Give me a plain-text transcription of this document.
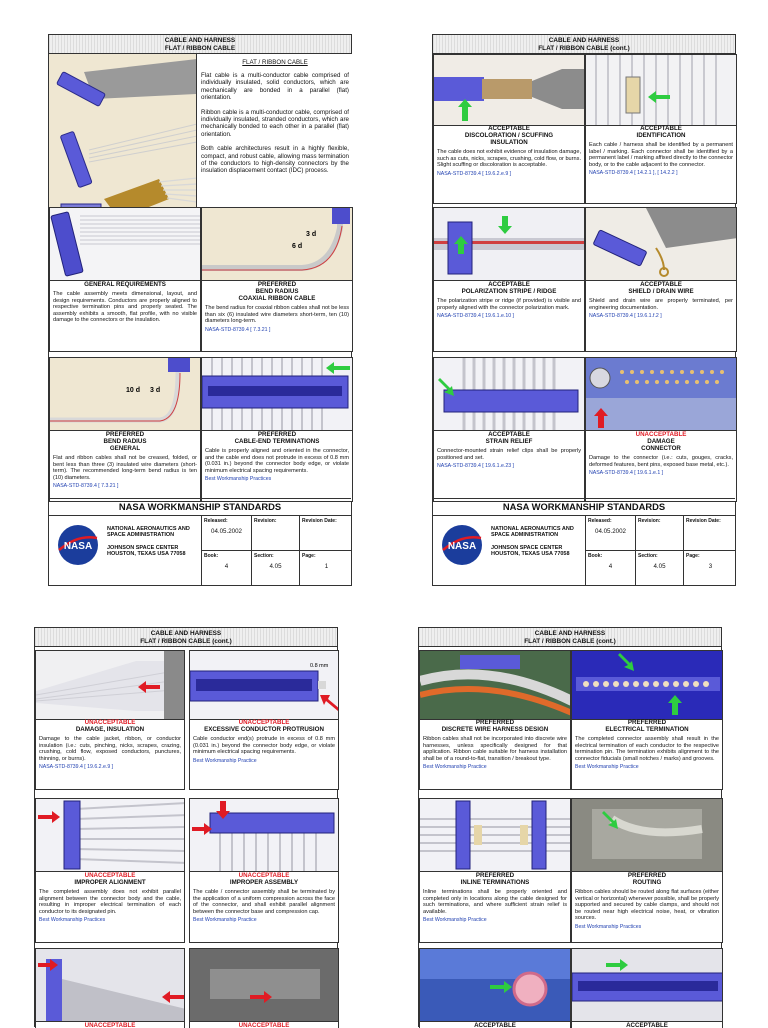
CABLE AND HARNESS
FLAT / RIBBON CABLE
FLAT / RIBBON CABLE

Flat cable is a multi-conductor cable comprised of individually insulated, solid conductors, which are mechanically are bonded in a parallel (flat) orientation.

Ribbon cable is a multi-conductor cable, comprised of individually insulated, stranded conductors, which are mechanically bonded to each other in a parallel (flat) orientation.

Both cable architectures result in a highly flexible, compact, and robust cable, allowing mass termination of the conductors to high-density connectors by the insulation displacement contact (IDC) process.

GENERAL REQUIREMENTS
The cable assembly meets dimensional, layout, and design requirements. Conductors are properly aligned to respective termination pins and properly seated. The assembly exhibits a smooth, flat profile, with no visible damage to the connectors or the insulation.
3 d
6 d
PREFERRED
BEND RADIUS
COAXIAL RIBBON CABLE
The bend radius for coaxial ribbon cables shall not be less than six (6) insulated wire diameters short-term, ten (10) diameters long-term.
NASA-STD-8739.4 [ 7.3.21 ]
10 d 3 d
PREFERRED
BEND RADIUS
GENERAL
Flat and ribbon cables shall not be creased, folded, or bent less than three (3) insulated wire diameters (short-term). The recommended long-term bend radius is ten (10) diameters.
NASA-STD-8739.4 [ 7.3.21 ]
PREFERRED
CABLE-END TERMINATIONS
Cable is properly aligned and oriented in the connector, and the cable end does not protrude in excess of 0.8 mm (0.031 in.) beyond the connector body edge, or violate minimum electrical spacing requirements.
Best Workmanship Practices
NASA WORKMANSHIP STANDARDS
NASA
NATIONAL AERONAUTICS AND
SPACE ADMINISTRATION
JOHNSON SPACE CENTER
HOUSTON, TEXAS USA 77058
Released:
04.05.2002
Revision:	Revision Date:
Book:
4
Section:
4.05
Page:
1
CABLE AND HARNESS
FLAT / RIBBON CABLE (cont.)
ACCEPTABLE
DISCOLORATION / SCUFFING
INSULATION
The cable does not exhibit evidence of insulation damage, such as cuts, nicks, scrapes, crushing, cold flow, or burns. Slight scuffing or discoloration is acceptable.
NASA-STD-8739.4 [ 19.6.2.e.9 ]
ACCEPTABLE
IDENTIFICATION
Each cable / harness shall be identified by a permanent label / marking. Each connector shall be identified by a permanent label / marking affixed directly to the connector body, or to the cable adjacent to the connector.
NASA-STD-8739.4 [ 14.2.1 ], [ 14.2.2 ]
ACCEPTABLE
POLARIZATION STRIPE / RIDGE
The polarization stripe or ridge (if provided) is visible and properly aligned with the connector polarization mark.
NASA-STD-8739.4 [ 19.6.1.e.10 ]
ACCEPTABLE
SHIELD / DRAIN WIRE
Shield and drain wire are properly terminated, per engineering documentation.
NASA-STD-8739.4 [ 19.6.1.f.2 ]
ACCEPTABLE
STRAIN RELIEF
Connector-mounted strain relief clips shall be properly positioned and set.
NASA-STD-8739.4 [ 19.6.1.e.23 ]
UNACCEPTABLE
DAMAGE
CONNECTOR
Damage to the connector (i.e.: cuts, gouges, cracks, deformed features, bent pins, exposed base metal, etc.).
NASA-STD-8739.4 [ 19.6.1.e.1 ]
NASA WORKMANSHIP STANDARDS
NASA
NATIONAL AERONAUTICS AND
SPACE ADMINISTRATION
JOHNSON SPACE CENTER
HOUSTON, TEXAS USA 77058
Released:
04.05.2002
Revision:	Revision Date:
Book:
4
Section:
4.05
Page:
3
CABLE AND HARNESS
FLAT / RIBBON CABLE (cont.)
UNACCEPTABLE
DAMAGE, INSULATION
Damage to the cable jacket, ribbon, or conductor insulation (i.e.: cuts, pinching, nicks, scrapes, crazing, crushing, cold flow, exposed conductors, punctures, thinning, or burns).
NASA-STD-8739.4 [ 19.6.2.e.9 ]
0.8 mm
UNACCEPTABLE
EXCESSIVE CONDUCTOR PROTRUSION
Cable conductor end(s) protrude in excess of 0.8 mm (0.031 in.) beyond the connector body edge, or violate minimum electrical spacing requirements.
Best Workmanship Practice
UNACCEPTABLE
IMPROPER ALIGNMENT
The completed assembly does not exhibit parallel alignment between the connector body and the cable, resulting in improper electrical termination of each conductor to its designated pin.
Best Workmanship Practices
UNACCEPTABLE
IMPROPER ASSEMBLY
The cable / connector assembly shall be terminated by the application of a uniform compression across the face of the connector, and shall exhibit parallel alignment between the connector base and compression cap.
Best Workmanship Practice
UNACCEPTABLE	UNACCEPTABLE
CABLE AND HARNESS
FLAT / RIBBON CABLE (cont.)
PREFERRED
DISCRETE WIRE HARNESS DESIGN
Ribbon cables shall not be incorporated into discrete wire harnesses, unless specifically designed for that application. Ribbon cable suitable for harness installation shall be of a round-to-flat, transition / breakout type.
Best Workmanship Practice
PREFERRED
ELECTRICAL TERMINATION
The completed connector assembly shall result in the electrical termination of each conductor to the respective termination pin. The termination exhibits alignment to the connector fiducials (small notches / marks) and grooves.
Best Workmanship Practice
PREFERRED
INLINE TERMINATIONS
Inline terminations shall be properly oriented and completed only in locations along the cable designed for such terminations, and where sufficient strain relief is available.
Best Workmanship Practice
PREFERRED
ROUTING
Ribbon cables should be routed along flat surfaces (either vertical or horizontal) whenever possible, shall be properly supported and secured by cable clamps, and should not be routed near high electrical noise, heat, or vibration sources.
Best Workmanship Practices
ACCEPTABLE	ACCEPTABLE
